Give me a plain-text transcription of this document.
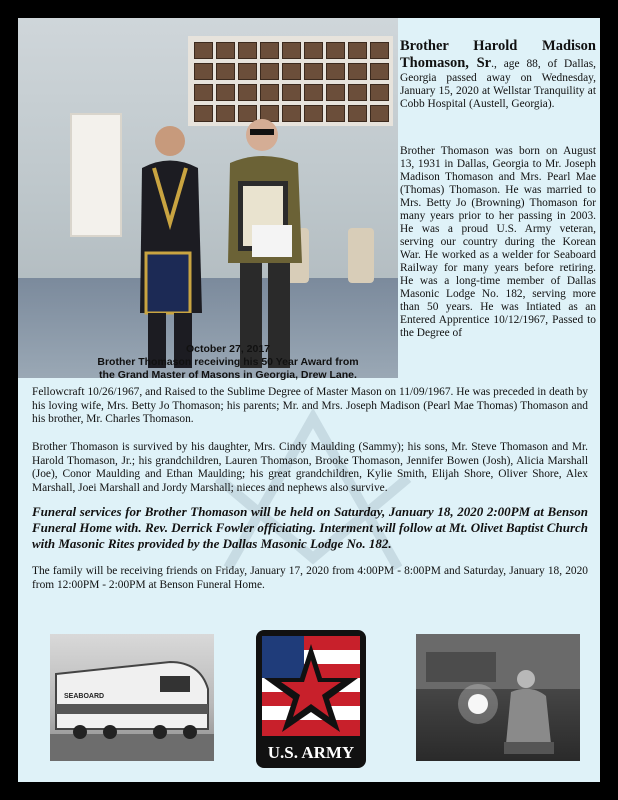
October 27, 2017
Brother Thomason receiving his 50 Year Award from
the Grand Master of Masons in Georgia, Drew Lane.

Brother Harold Madison Thomason, Sr., age 88, of Dallas, Georgia passed away on Wednesday, January 15, 2020 at Wellstar Tranquility at Cobb Hospital (Austell, Georgia).

Brother Thomason was born on August 13, 1931 in Dallas, Georgia to Mr. Joseph Madison Thomason and Mrs. Pearl Mae (Thomas) Thomason. He was married to Mrs. Betty Jo (Browning) Thomason for many years prior to her passing in 2003. He was a proud U.S. Army veteran, serving our country during the Korean War. He worked as a welder for Seaboard Railway for many years before retiring. He was a long-time member of Dallas Masonic Lodge No. 182, serving more than 50 years. He was Intiated as an Entered Apprentice 10/12/1967, Passed to the Degree of

Fellowcraft 10/26/1967, and Raised to the Sublime Degree of Master Mason on 11/09/1967. He was preceded in death by his loving wife, Mrs. Betty Jo Thomason; his parents; Mr. and Mrs. Joseph Madison (Pearl Mae Thomas) Thomason and his brother, Mr. Charles Thomason.

Brother Thomason is survived by his daughter, Mrs. Cindy Maulding (Sammy); his sons, Mr. Steve Thomason and Mr. Harold Thomason, Jr.; his grandchildren, Lauren Thomason, Brooke Thomason, Jennifer Bowen (Josh), Alicia Marshall (Joe), Conor Maulding and Ethan Maulding; his great grandchildren, Kylie Smith, Elijah Shore, Oliver Shore, Alex Marshall, Joei Marshall and Jordy Marshall; nieces and nephews also survive.

Funeral services for Brother Thomason will be held on Saturday, January 18, 2020 2:00PM at Benson Funeral Home with. Rev. Derrick Fowler officiating. Interment will follow at Mt. Olivet Baptist Church with Masonic Rites provided by the Dallas Masonic Lodge No. 182.

The family will be receiving friends on Friday, January 17, 2020 from 4:00PM - 8:00PM and Saturday, January 18, 2020 from 12:00PM - 2:00PM at Benson Funeral Home.

SEABOARD
U.S. ARMY
